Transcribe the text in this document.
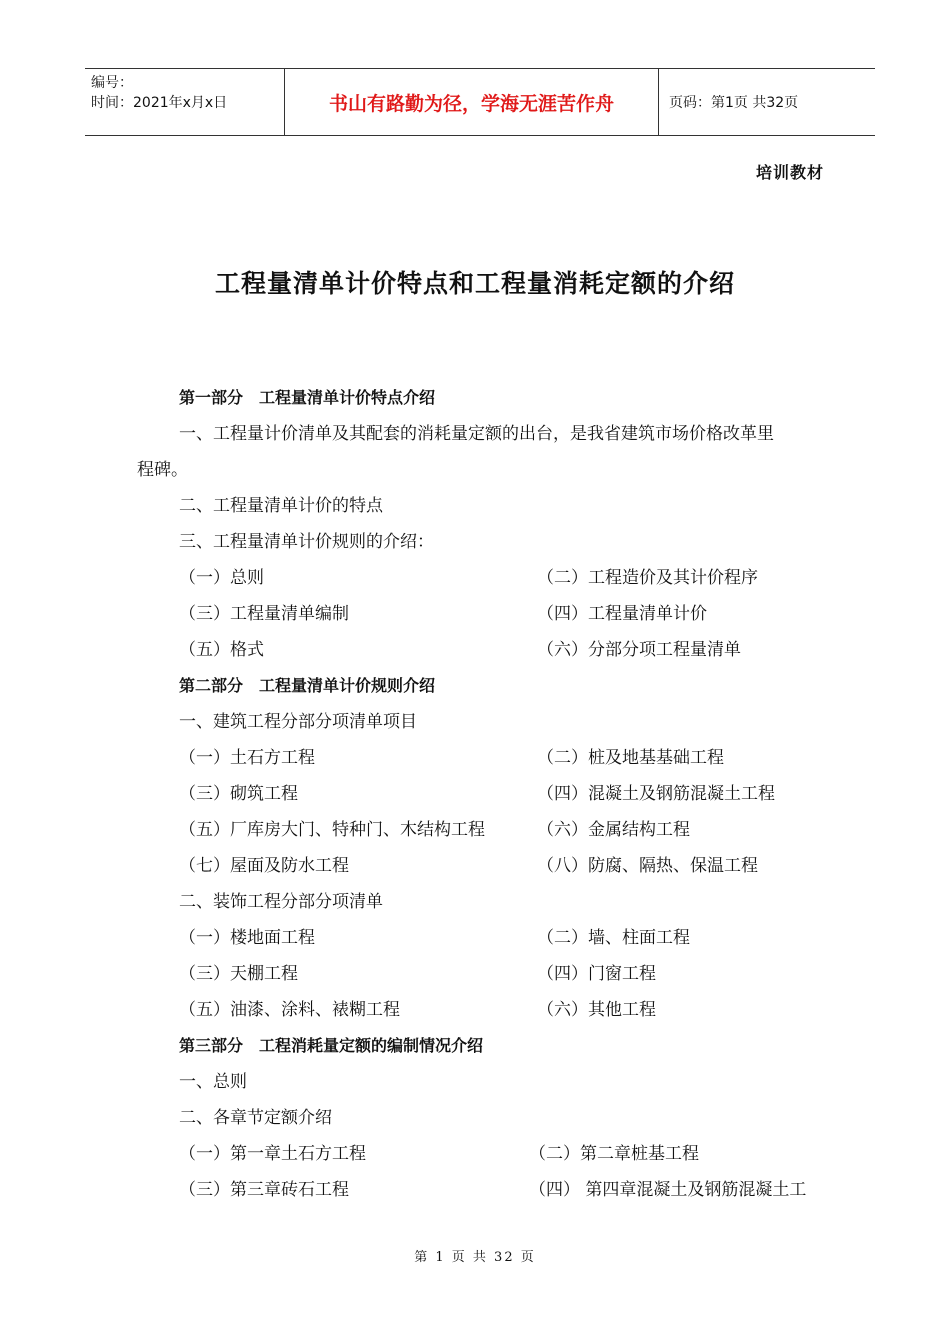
编号：
时间：2021年x月x日	书山有路勤为径，学海无涯苦作舟	页码：第1页 共32页
培训教材
工程量清单计价特点和工程量消耗定额的介绍
第一部分　工程量清单计价特点介绍
一、工程量计价清单及其配套的消耗量定额的出台，是我省建筑市场价格改革里
程碑。
二、工程量清单计价的特点
三、工程量清单计价规则的介绍：
（一）总则	（二）工程造价及其计价程序
（三）工程量清单编制	（四）工程量清单计价
（五）格式	（六）分部分项工程量清单
第二部分　工程量清单计价规则介绍
一、建筑工程分部分项清单项目
（一）土石方工程	（二）桩及地基基础工程
（三）砌筑工程	（四）混凝土及钢筋混凝土工程
（五）厂库房大门、特种门、木结构工程	（六）金属结构工程
（七）屋面及防水工程	（八）防腐、隔热、保温工程
二、装饰工程分部分项清单
（一）楼地面工程	（二）墙、柱面工程
（三）天棚工程	（四）门窗工程
（五）油漆、涂料、裱糊工程	（六）其他工程
第三部分　工程消耗量定额的编制情况介绍
一、总则
二、各章节定额介绍
（一）第一章土石方工程	（二）第二章桩基工程
（三）第三章砖石工程	（四） 第四章混凝土及钢筋混凝土工
第 1 页 共 32 页
